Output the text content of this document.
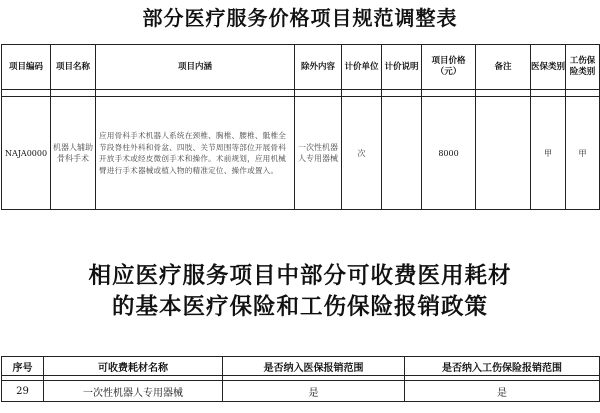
部分医疗服务价格项目规范调整表
项目编码	项目名称	项目内涵	除外内容	计价单位	计价说明	项目价格（元）	备注	医保类别	工伤保险类别

NAJA0000	机器人辅助骨科手术	应用骨科手术机器人系统在颈椎、胸椎、腰椎、骶椎全节段脊柱外科和骨盆、四肢、关节周围等部位开展骨科开放手术或经皮微创手术和操作。术前规划，应用机械臂进行手术器械或植入物的精准定位、操作或置入。	一次性机器人专用器械	次		8000		甲	甲
相应医疗服务项目中部分可收费医用耗材
的基本医疗保险和工伤保险报销政策
序号	可收费耗材名称	是否纳入医保报销范围	是否纳入工伤保险报销范围

29	一次性机器人专用器械	是	是
